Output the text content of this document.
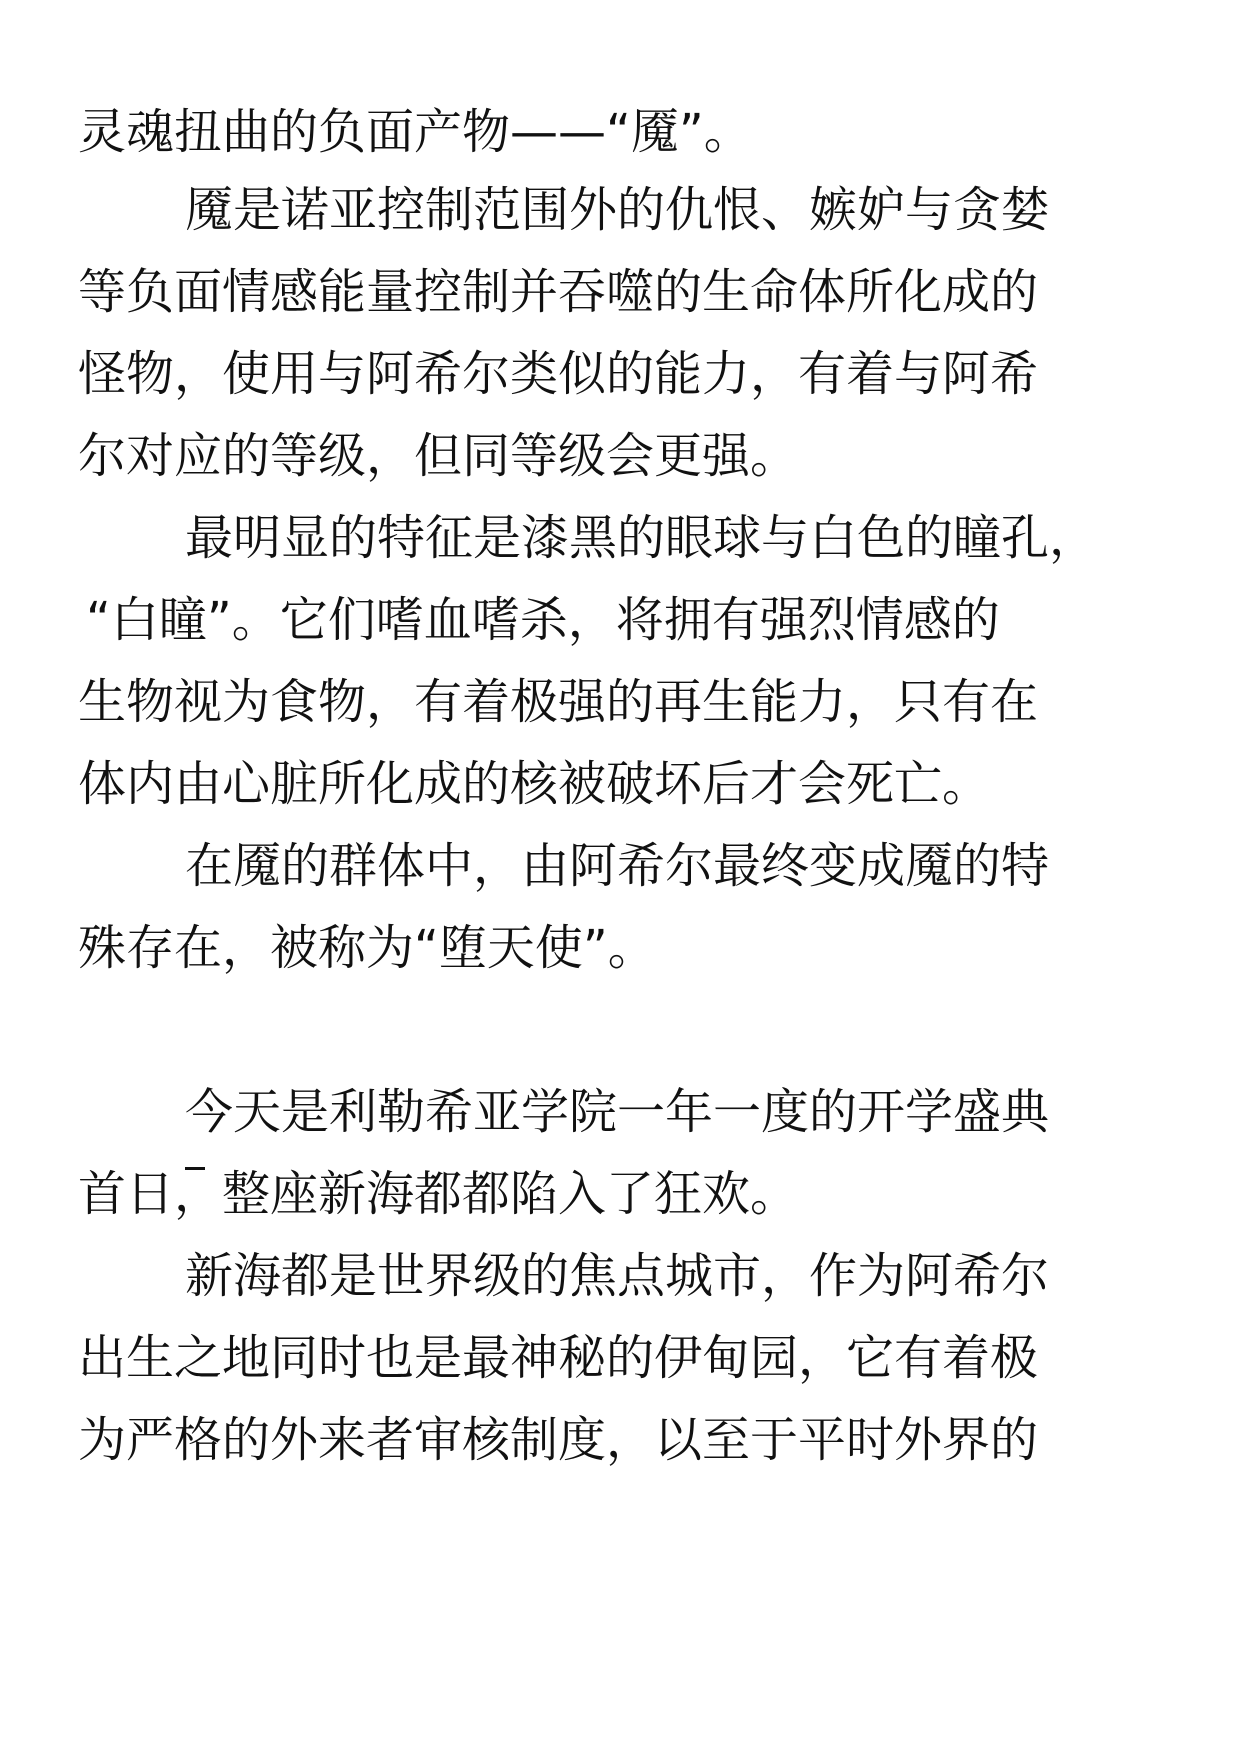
灵魂扭曲的负面产物——“魇”。
魇是诺亚控制范围外的仇恨、嫉妒与贪婪
等负面情感能量控制并吞噬的生命体所化成的
怪物，使用与阿希尔类似的能力，有着与阿希
尔对应的等级，但同等级会更强。
最明显的特征是漆黑的眼球与白色的瞳孔，
“白瞳”。它们嗜血嗜杀，将拥有强烈情感的
生物视为食物，有着极强的再生能力，只有在
体内由心脏所化成的核被破坏后才会死亡。
在魇的群体中，由阿希尔最终变成魇的特
殊存在，被称为“堕天使”。
今天是利勒希亚学院一年一度的开学盛典
首日，整座新海都都陷入了狂欢。
新海都是世界级的焦点城市，作为阿希尔
出生之地同时也是最神秘的伊甸园，它有着极
为严格的外来者审核制度，以至于平时外界的
